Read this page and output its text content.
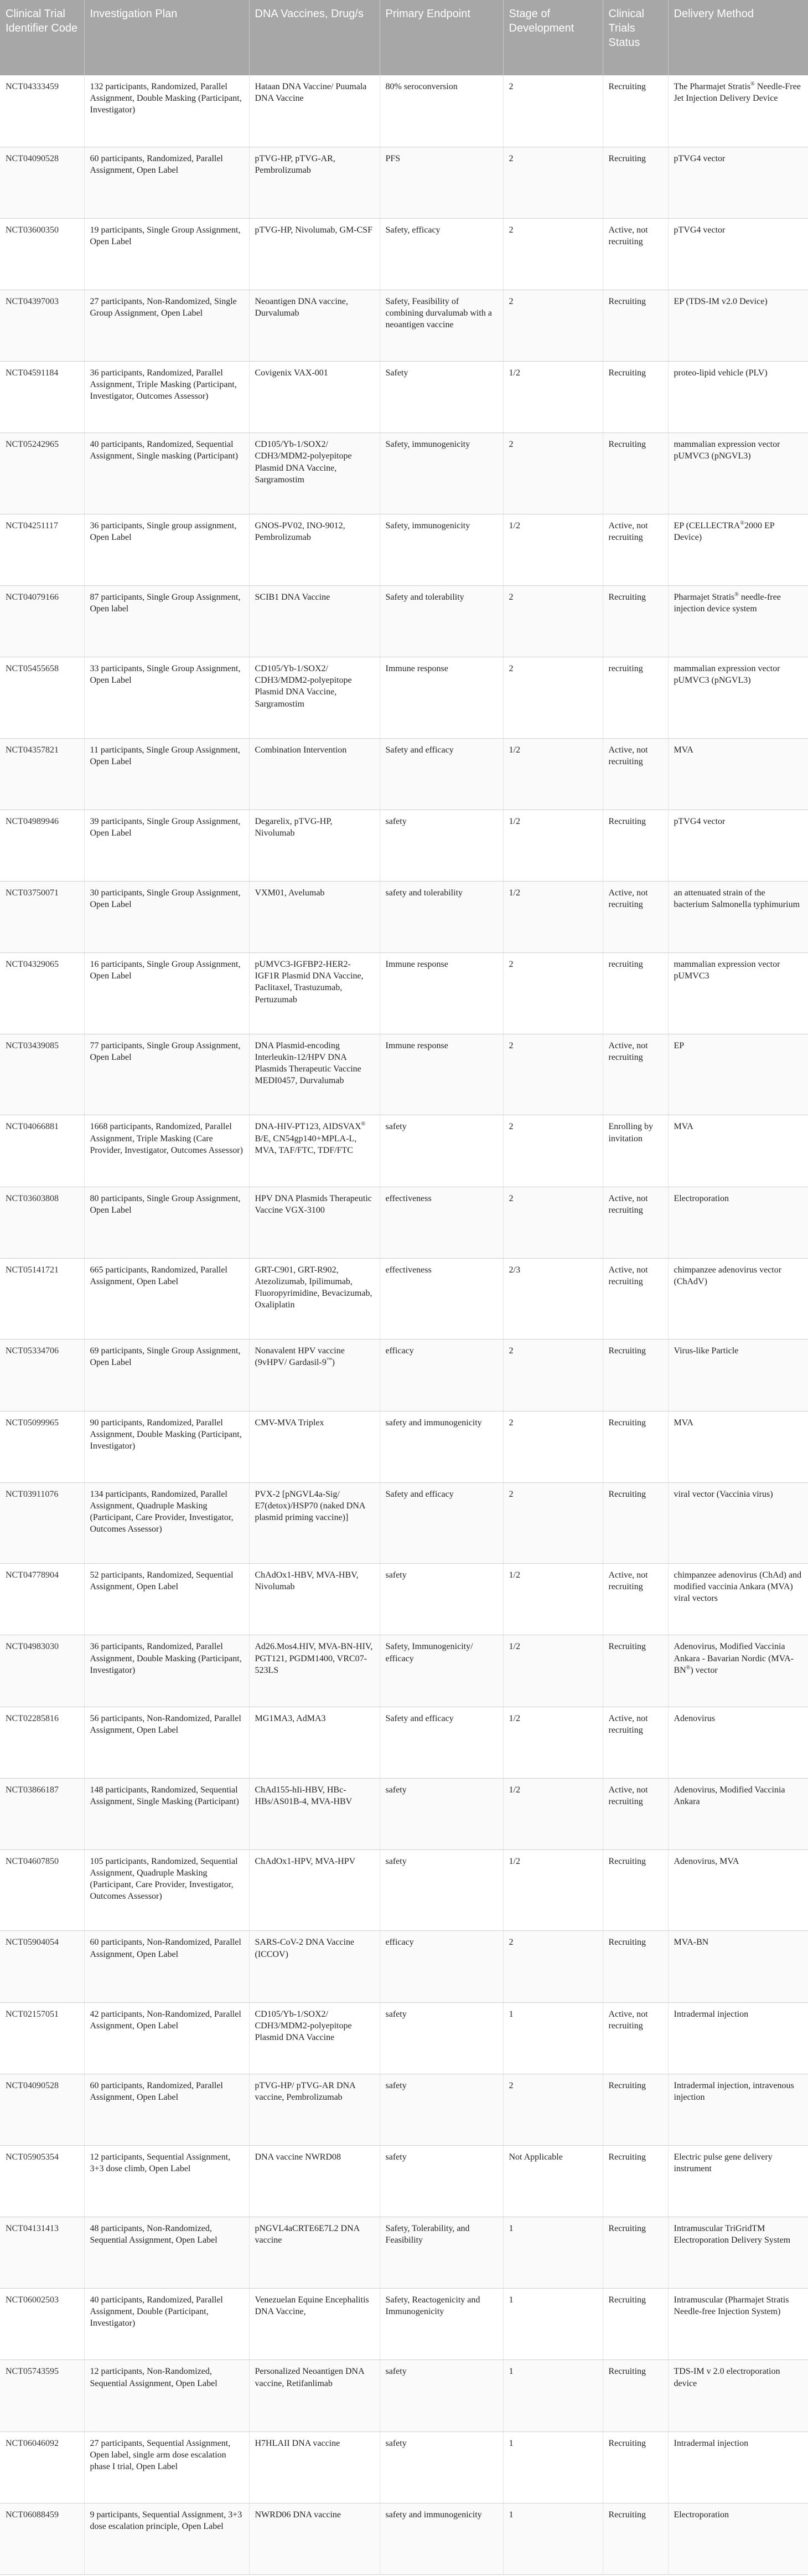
Clinical Trial Identifier Code	Investigation Plan	DNA Vaccines, Drug/s	Primary Endpoint	Stage of Development	Clinical Trials Status	Delivery Method
NCT04333459	132 participants, Randomized, Parallel Assignment, Double Masking (Participant, Investigator)	Hataan DNA Vaccine/ Puumala DNA Vaccine	80% seroconversion	2	Recruiting	The Pharmajet Stratis® Needle-Free Jet Injection Delivery Device
NCT04090528	60 participants, Randomized, Parallel Assignment, Open Label	pTVG-HP, pTVG-AR, Pembrolizumab	PFS	2	Recruiting	pTVG4 vector
NCT03600350	19 participants, Single Group Assignment, Open Label	pTVG-HP, Nivolumab, GM-CSF	Safety, efficacy	2	Active, not recruiting	pTVG4 vector
NCT04397003	27 participants, Non-Randomized, Single Group Assignment, Open Label	Neoantigen DNA vaccine, Durvalumab	Safety, Feasibility of combining durvalumab with a neoantigen vaccine	2	Recruiting	EP (TDS-IM v2.0 Device)
NCT04591184	36 participants, Randomized, Parallel Assignment, Triple Masking (Participant, Investigator, Outcomes Assessor)	Covigenix VAX-001	Safety	1/2	Recruiting	proteo-lipid vehicle (PLV)
NCT05242965	40 participants, Randomized, Sequential Assignment, Single masking (Participant)	CD105/Yb-1/SOX2/ CDH3/MDM2-polyepitope Plasmid DNA Vaccine, Sargramostim	Safety, immunogenicity	2	Recruiting	mammalian expression vector pUMVC3 (pNGVL3)
NCT04251117	36 participants, Single group assignment, Open Label	GNOS-PV02, INO-9012, Pembrolizumab	Safety, immunogenicity	1/2	Active, not recruiting	EP (CELLECTRA®2000 EP Device)
NCT04079166	87 participants, Single Group Assignment, Open label	SCIB1 DNA Vaccine	Safety and tolerability	2	Recruiting	Pharmajet Stratis® needle-free injection device system
NCT05455658	33 participants, Single Group Assignment, Open Label	CD105/Yb-1/SOX2/ CDH3/MDM2-polyepitope Plasmid DNA Vaccine, Sargramostim	Immune response	2	recruiting	mammalian expression vector pUMVC3 (pNGVL3)
NCT04357821	11 participants, Single Group Assignment, Open Label	Combination Intervention	Safety and efficacy	1/2	Active, not recruiting	MVA
NCT04989946	39 participants, Single Group Assignment, Open Label	Degarelix, pTVG-HP, Nivolumab	safety	1/2	Recruiting	pTVG4 vector
NCT03750071	30 participants, Single Group Assignment, Open Label	VXM01, Avelumab	safety and tolerability	1/2	Active, not recruiting	an attenuated strain of the bacterium Salmonella typhimurium
NCT04329065	16 participants, Single Group Assignment, Open Label	pUMVC3-IGFBP2-HER2-IGF1R Plasmid DNA Vaccine, Paclitaxel, Trastuzumab, Pertuzumab	Immune response	2	recruiting	mammalian expression vector pUMVC3
NCT03439085	77 participants, Single Group Assignment, Open Label	DNA Plasmid-encoding Interleukin-12/HPV DNA Plasmids Therapeutic Vaccine MEDI0457, Durvalumab	Immune response	2	Active, not recruiting	EP
NCT04066881	1668 participants, Randomized, Parallel Assignment, Triple Masking (Care Provider, Investigator, Outcomes Assessor)	DNA-HIV-PT123, AIDSVAX® B/E, CN54gp140+MPLA-L, MVA, TAF/FTC, TDF/FTC	safety	2	Enrolling by invitation	MVA
NCT03603808	80 participants, Single Group Assignment, Open Label	HPV DNA Plasmids Therapeutic Vaccine VGX-3100	effectiveness	2	Active, not recruiting	Electroporation
NCT05141721	665 participants, Randomized, Parallel Assignment, Open Label	GRT-C901, GRT-R902, Atezolizumab, Ipilimumab, Fluoropyrimidine, Bevacizumab, Oxaliplatin	effectiveness	2/3	Active, not recruiting	chimpanzee adenovirus vector (ChAdV)
NCT05334706	69 participants, Single Group Assignment, Open Label	Nonavalent HPV vaccine (9vHPV/ Gardasil-9™)	efficacy	2	Recruiting	Virus-like Particle
NCT05099965	90 participants, Randomized, Parallel Assignment, Double Masking (Participant, Investigator)	CMV-MVA Triplex	safety and immunogenicity	2	Recruiting	MVA
NCT03911076	134 participants, Randomized, Parallel Assignment, Quadruple Masking (Participant, Care Provider, Investigator, Outcomes Assessor)	PVX-2 [pNGVL4a-Sig/ E7(detox)/HSP70 (naked DNA plasmid priming vaccine)]	Safety and efficacy	2	Recruiting	viral vector (Vaccinia virus)
NCT04778904	52 participants, Randomized, Sequential Assignment, Open Label	ChAdOx1-HBV, MVA-HBV, Nivolumab	safety	1/2	Active, not recruiting	chimpanzee adenovirus (ChAd) and modified vaccinia Ankara (MVA) viral vectors
NCT04983030	36 participants, Randomized, Parallel Assignment, Double Masking (Participant, Investigator)	Ad26.Mos4.HIV, MVA-BN-HIV, PGT121, PGDM1400, VRC07-523LS	Safety, Immunogenicity/ efficacy	1/2	Recruiting	Adenovirus, Modified Vaccinia Ankara - Bavarian Nordic (MVA-BN®) vector
NCT02285816	56 participants, Non-Randomized, Parallel Assignment, Open Label	MG1MA3, AdMA3	Safety and efficacy	1/2	Active, not recruiting	Adenovirus
NCT03866187	148 participants, Randomized, Sequential Assignment, Single Masking (Participant)	ChAd155-hIi-HBV, HBc-HBs/AS01B-4, MVA-HBV	safety	1/2	Active, not recruiting	Adenovirus, Modified Vaccinia Ankara
NCT04607850	105 participants, Randomized, Sequential Assignment, Quadruple Masking (Participant, Care Provider, Investigator, Outcomes Assessor)	ChAdOx1-HPV, MVA-HPV	safety	1/2	Recruiting	Adenovirus, MVA
NCT05904054	60 participants, Non-Randomized, Parallel Assignment, Open Label	SARS-CoV-2 DNA Vaccine (ICCOV)	efficacy	2	Recruiting	MVA-BN
NCT02157051	42 participants, Non-Randomized, Parallel Assignment, Open Label	CD105/Yb-1/SOX2/ CDH3/MDM2-polyepitope Plasmid DNA Vaccine	safety	1	Active, not recruiting	Intradermal injection
NCT04090528	60 participants, Randomized, Parallel Assignment, Open Label	pTVG-HP/ pTVG-AR DNA vaccine, Pembrolizumab	safety	2	Recruiting	Intradermal injection, intravenous injection
NCT05905354	12 participants, Sequential Assignment, 3+3 dose climb, Open Label	DNA vaccine NWRD08	safety	Not Applicable	Recruiting	Electric pulse gene delivery instrument
NCT04131413	48 participants, Non-Randomized, Sequential Assignment, Open Label	pNGVL4aCRTE6E7L2 DNA vaccine	Safety, Tolerability, and Feasibility	1	Recruiting	Intramuscular TriGridTM Electroporation Delivery System
NCT06002503	40 participants, Randomized, Parallel Assignment, Double (Participant, Investigator)	Venezuelan Equine Encephalitis DNA Vaccine,	Safety, Reactogenicity and Immunogenicity	1	Recruiting	Intramuscular (Pharmajet Stratis Needle-free Injection System)
NCT05743595	12 participants, Non-Randomized, Sequential Assignment, Open Label	Personalized Neoantigen DNA vaccine, Retifanlimab	safety	1	Recruiting	TDS-IM v 2.0 electroporation device
NCT06046092	27 participants, Sequential Assignment, Open label, single arm dose escalation phase I trial, Open Label	H7HLAII DNA vaccine	safety	1	Recruiting	Intradermal injection
NCT06088459	9 participants, Sequential Assignment, 3+3 dose escalation principle, Open Label	NWRD06 DNA vaccine	safety and immunogenicity	1	Recruiting	Electroporation
